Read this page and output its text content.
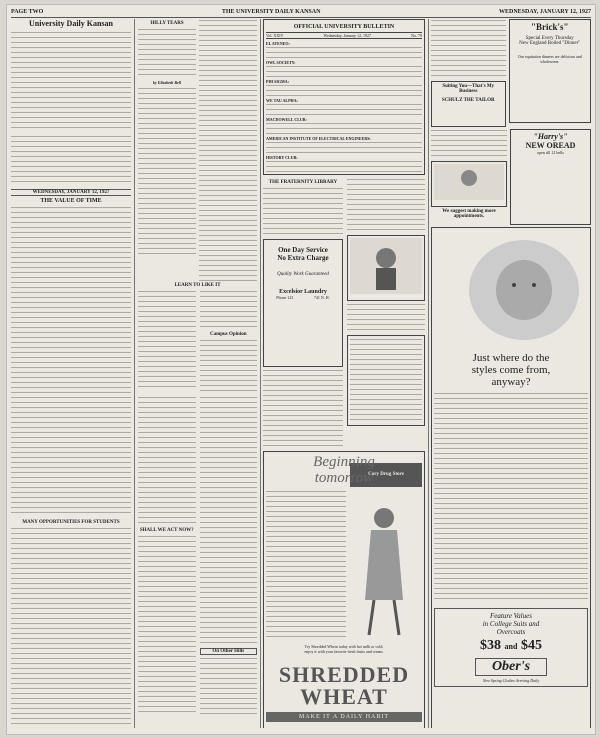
PAGE TWO	THE UNIVERSITY DAILY KANSAN	WEDNESDAY, JANUARY 12, 1927
University Daily Kansan
WEDNESDAY, JANUARY 12, 1927
THE VALUE OF TIME
MANY OPPORTUNITIES FOR STUDENTS
HILLY TEARS
by Elizabeth Bell
LEARN TO LIKE IT
Campus Opinion
SHALL WE ACT NOW?
On Other Hills
OFFICIAL UNIVERSITY BULLETIN
Vol. XXIV	Wednesday, January 12, 1927	No. 79
EL ATENEO:
OWL SOCIETY:
PHI SIGMA:
WE TAU ALPHA:
MACDOWELL CLUB:
AMERICAN INSTITUTE OF ELECTRICAL ENGINEERS:
HISTORY CLUB:
THE FRATERNITY LIBRARY
One Day Service
No Extra Charge
Quality Work Guaranteed
Excelsior Laundry
Phone 123	741 N. H.
Cory Drug Store
Beginning
tomorrow
Try Shredded Wheat today with hot milk or cold,
enjoy it with your favorite fresh fruits and cream.
SHREDDED
WHEAT
MAKE IT A DAILY HABIT
Suiting You—That's My Business
SCHULZ THE TAILOR
"Brick's"
Special Every Thursday
New England Boiled "Dinner"
Our equitation dinners are delicious and wholesome.
We suggest making more appointments.
"Harry's"
NEW OREAD
open till 12 bells
Just where do the
styles come from,
anyway?
Feature Values
in College Suits and
Overcoats
$38 and $45
Ober's
New Spring Clothes Arriving Daily
